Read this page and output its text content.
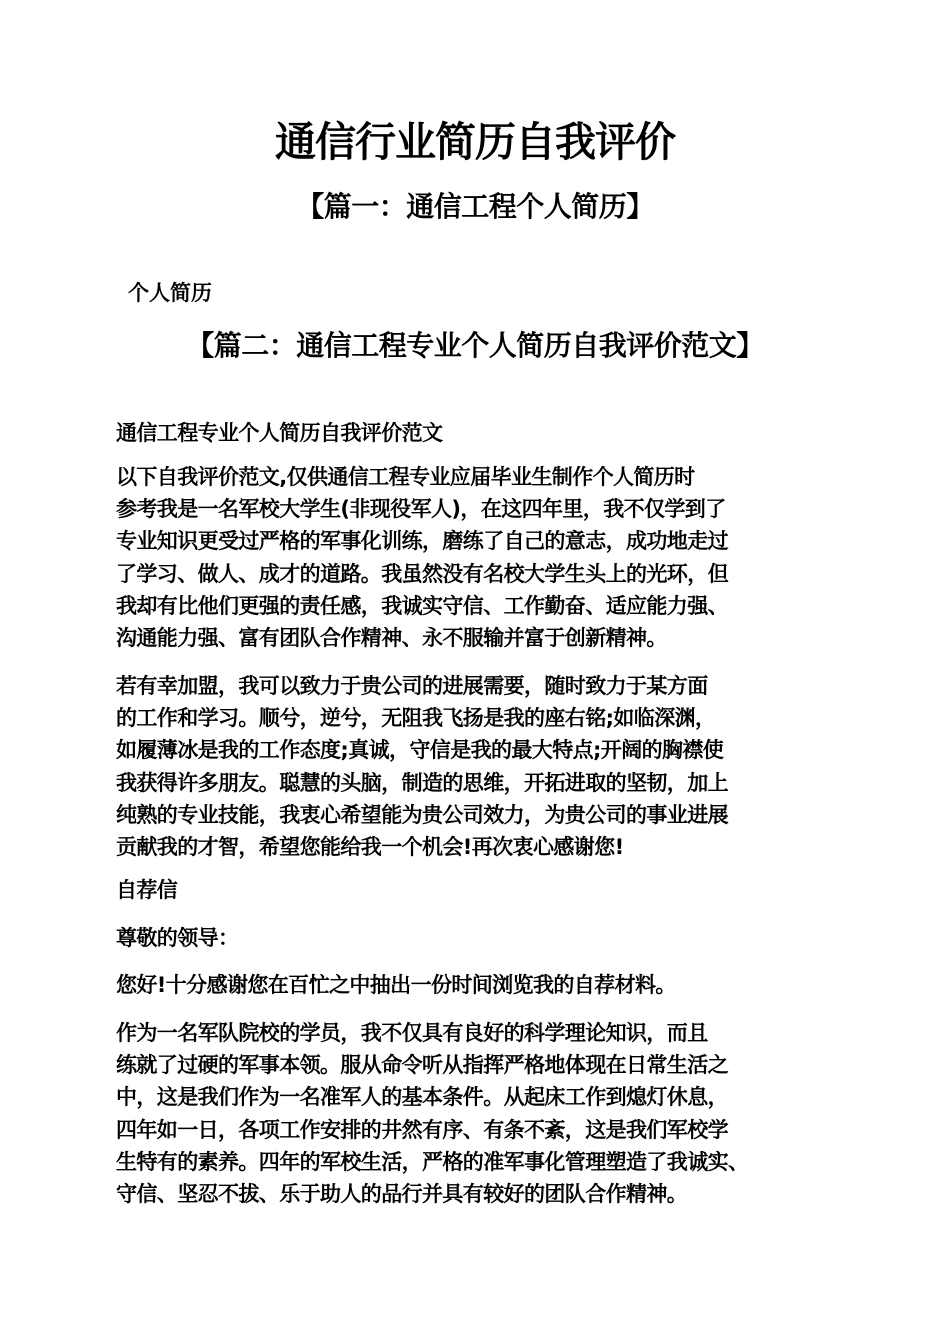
通信行业简历自我评价
【篇一：通信工程个人简历】
个人简历
【篇二：通信工程专业个人简历自我评价范文】
通信工程专业个人简历自我评价范文
以下自我评价范文,仅供通信工程专业应届毕业生制作个人简历时
参考我是一名军校大学生(非现役军人)，在这四年里，我不仅学到了
专业知识更受过严格的军事化训练，磨练了自己的意志，成功地走过
了学习、做人、成才的道路。我虽然没有名校大学生头上的光环，但
我却有比他们更强的责任感，我诚实守信、工作勤奋、适应能力强、
沟通能力强、富有团队合作精神、永不服输并富于创新精神。
若有幸加盟，我可以致力于贵公司的进展需要，随时致力于某方面
的工作和学习。顺兮，逆兮，无阻我飞扬是我的座右铭;如临深渊，
如履薄冰是我的工作态度;真诚，守信是我的最大特点;开阔的胸襟使
我获得许多朋友。聪慧的头脑，制造的思维，开拓进取的坚韧，加上
纯熟的专业技能，我衷心希望能为贵公司效力，为贵公司的事业进展
贡献我的才智，希望您能给我一个机会!再次衷心感谢您!
自荐信
尊敬的领导：
您好!十分感谢您在百忙之中抽出一份时间浏览我的自荐材料。
作为一名军队院校的学员，我不仅具有良好的科学理论知识，而且
练就了过硬的军事本领。服从命令听从指挥严格地体现在日常生活之
中，这是我们作为一名准军人的基本条件。从起床工作到熄灯休息，
四年如一日，各项工作安排的井然有序、有条不紊，这是我们军校学
生特有的素养。四年的军校生活，严格的准军事化管理塑造了我诚实、
守信、坚忍不拔、乐于助人的品行并具有较好的团队合作精神。
